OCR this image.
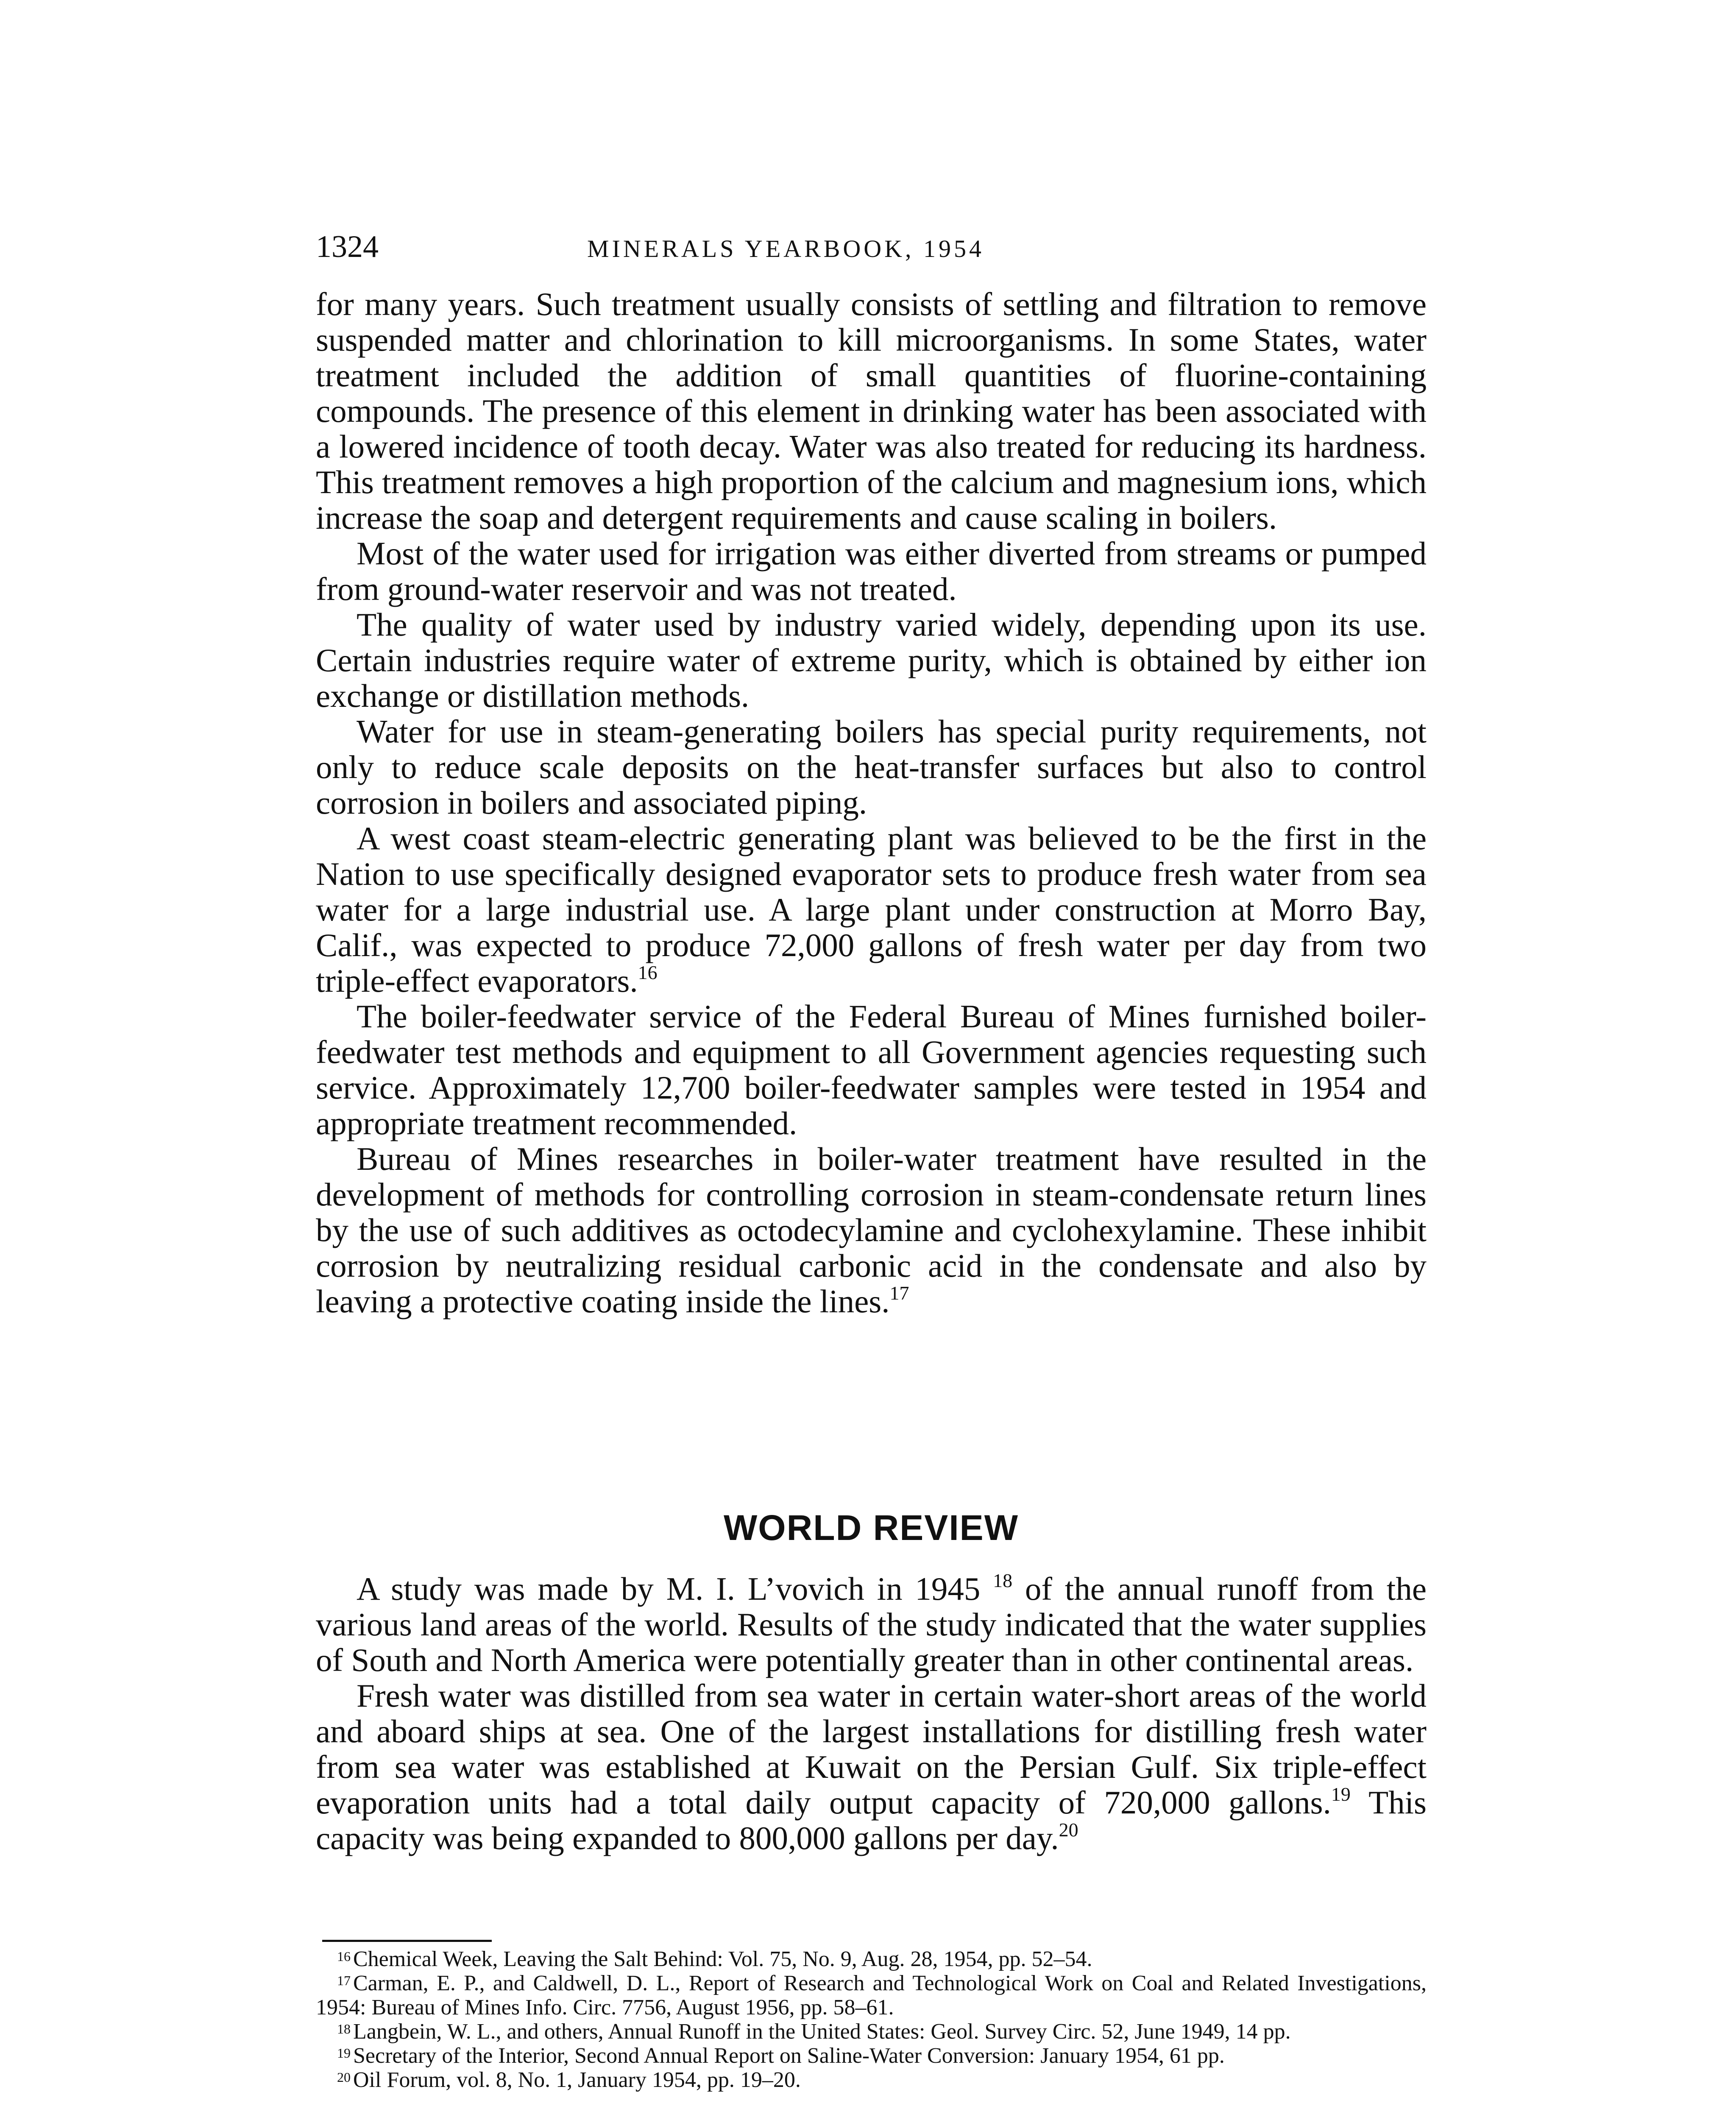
1324	MINERALS YEARBOOK, 1954

for many years. Such treatment usually consists of settling and filtration to remove suspended matter and chlorination to kill microorganisms. In some States, water treatment included the addition of small quantities of fluorine-containing compounds. The presence of this element in drinking water has been associated with a lowered incidence of tooth decay. Water was also treated for reducing its hardness. This treatment removes a high proportion of the calcium and magnesium ions, which increase the soap and detergent requirements and cause scaling in boilers.

Most of the water used for irrigation was either diverted from streams or pumped from ground-water reservoir and was not treated.

The quality of water used by industry varied widely, depending upon its use. Certain industries require water of extreme purity, which is obtained by either ion exchange or distillation methods.

Water for use in steam-generating boilers has special purity requirements, not only to reduce scale deposits on the heat-transfer surfaces but also to control corrosion in boilers and associated piping.

A west coast steam-electric generating plant was believed to be the first in the Nation to use specifically designed evaporator sets to produce fresh water from sea water for a large industrial use. A large plant under construction at Morro Bay, Calif., was expected to produce 72,000 gallons of fresh water per day from two triple-effect evaporators.$^{16}$

The boiler-feedwater service of the Federal Bureau of Mines furnished boiler-feedwater test methods and equipment to all Government agencies requesting such service. Approximately 12,700 boiler-feedwater samples were tested in 1954 and appropriate treatment recommended.

Bureau of Mines researches in boiler-water treatment have resulted in the development of methods for controlling corrosion in steam-condensate return lines by the use of such additives as octodecylamine and cyclohexylamine. These inhibit corrosion by neutralizing residual carbonic acid in the condensate and also by leaving a protective coating inside the lines.$^{17}$

WORLD REVIEW

A study was made by M. I. L’vovich in 1945 $^{18}$ of the annual runoff from the various land areas of the world. Results of the study indicated that the water supplies of South and North America were potentially greater than in other continental areas.

Fresh water was distilled from sea water in certain water-short areas of the world and aboard ships at sea. One of the largest installations for distilling fresh water from sea water was established at Kuwait on the Persian Gulf. Six triple-effect evaporation units had a total daily output capacity of 720,000 gallons.$^{19}$ This capacity was being expanded to 800,000 gallons per day.$^{20}$

$^{16}$ Chemical Week, Leaving the Salt Behind: Vol. 75, No. 9, Aug. 28, 1954, pp. 52–54.

$^{17}$ Carman, E. P., and Caldwell, D. L., Report of Research and Technological Work on Coal and Related Investigations, 1954: Bureau of Mines Info. Circ. 7756, August 1956, pp. 58–61.

$^{18}$ Langbein, W. L., and others, Annual Runoff in the United States: Geol. Survey Circ. 52, June 1949, 14 pp.

$^{19}$ Secretary of the Interior, Second Annual Report on Saline-Water Conversion: January 1954, 61 pp.

$^{20}$ Oil Forum, vol. 8, No. 1, January 1954, pp. 19–20.
